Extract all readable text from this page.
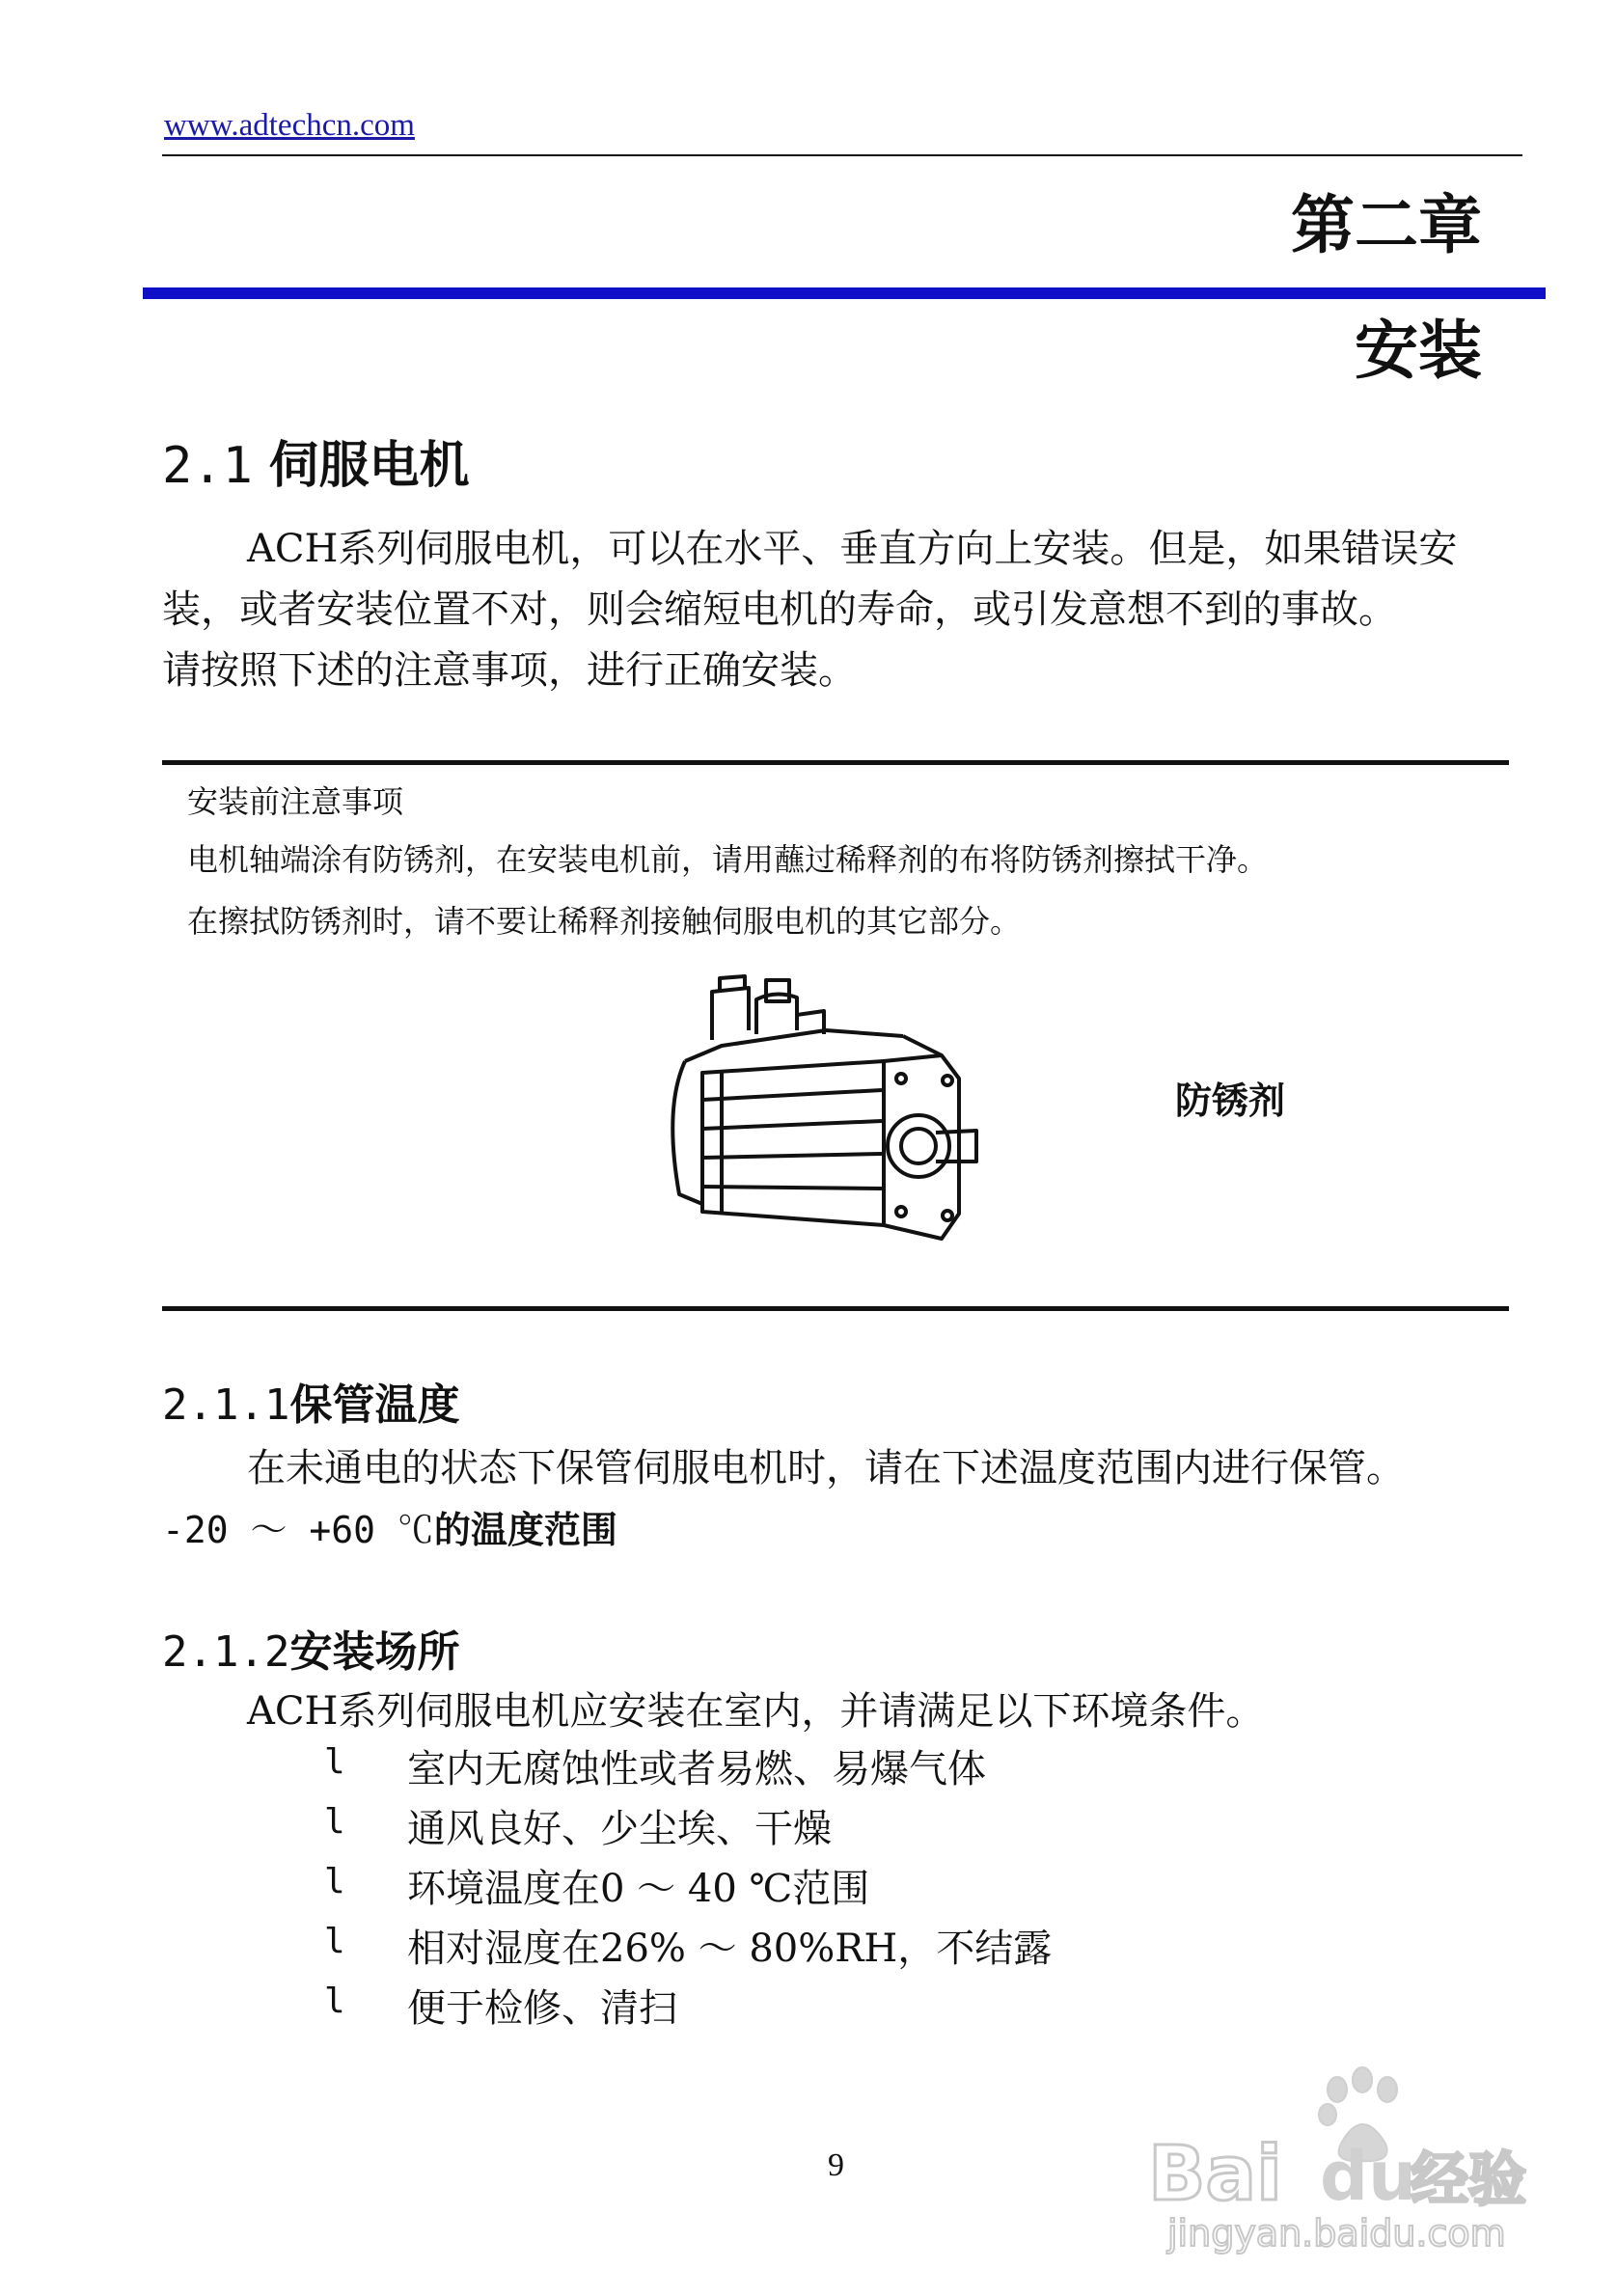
www.adtechcn.com
第二章
安装
2.1 伺服电机

ACH系列伺服电机，可以在水平、垂直方向上安装。但是，如果错误安

装，或者安装位置不对，则会缩短电机的寿命，或引发意想不到的事故。

请按照下述的注意事项，进行正确安装。

安装前注意事项
电机轴端涂有防锈剂，在安装电机前，请用蘸过稀释剂的布将防锈剂擦拭干净。
在擦拭防锈剂时，请不要让稀释剂接触伺服电机的其它部分。
防锈剂
2.1.1保管温度
在未通电的状态下保管伺服电机时，请在下述温度范围内进行保管。
-20 ～ +60 ℃的温度范围
2.1.2安装场所
ACH系列伺服电机应安装在室内，并请满足以下环境条件。
l 室内无腐蚀性或者易燃、易爆气体
l 通风良好、少尘埃、干燥
l 环境温度在0 ～ 40 ℃范围
l 相对湿度在26% ～ 80%RH，不结露
l 便于检修、清扫
9	Bai du
经验
jingyan.baidu.com
